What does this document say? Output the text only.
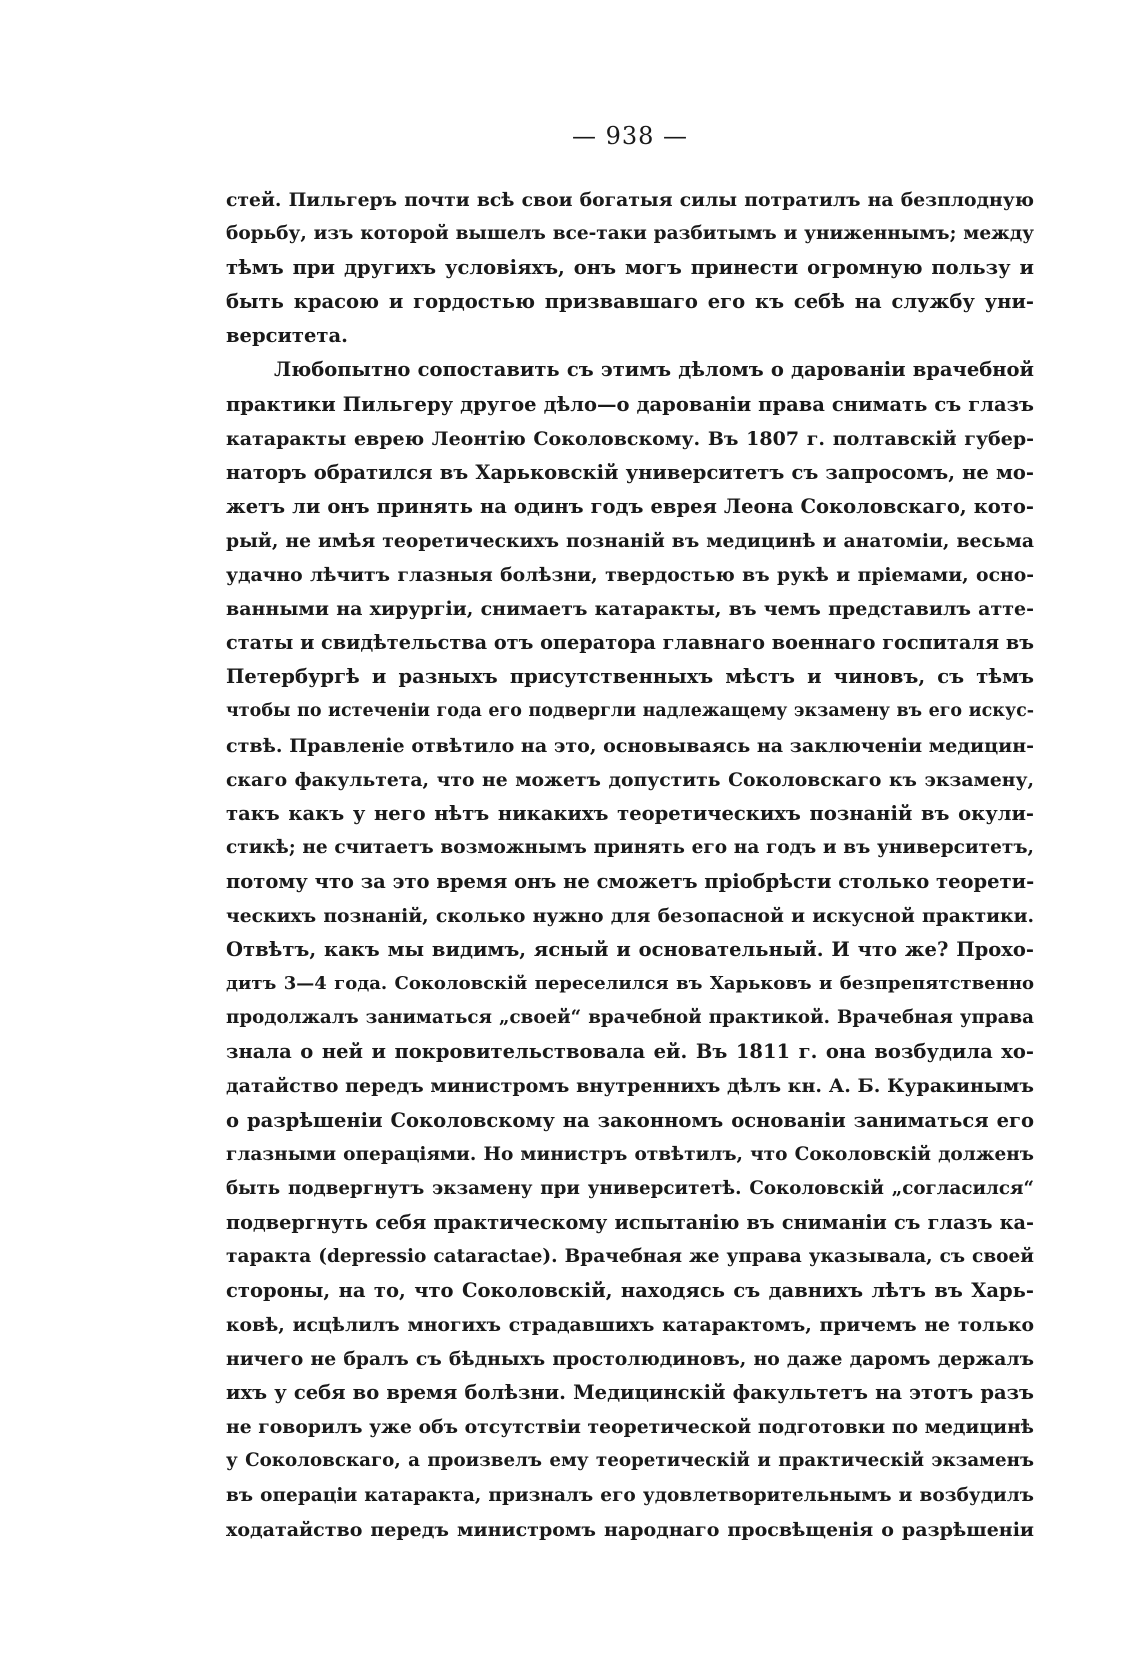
— 938 —
стей. Пильгеръ почти всѣ свои богатыя силы потратилъ на безплодную
борьбу, изъ которой вышелъ все-таки разбитымъ и униженнымъ; между
тѣмъ при другихъ условіяхъ, онъ могъ принести огромную пользу и
быть красою и гордостью призвавшаго его къ себѣ на службу уни-
верситета.
Любопытно сопоставить съ этимъ дѣломъ о дарованіи врачебной
практики Пильгеру другое дѣло—о дарованіи права снимать съ глазъ
катаракты еврею Леонтію Соколовскому. Въ 1807 г. полтавскій губер-
наторъ обратился въ Харьковскій университетъ съ запросомъ, не мо-
жетъ ли онъ принять на одинъ годъ еврея Леона Соколовскаго, кото-
рый, не имѣя теоретическихъ познаній въ медицинѣ и анатоміи, весьма
удачно лѣчитъ глазныя болѣзни, твердостью въ рукѣ и пріемами, осно-
ванными на хирургіи, снимаетъ катаракты, въ чемъ представилъ атте-
статы и свидѣтельства отъ оператора главнаго военнаго госпиталя въ
Петербургѣ и разныхъ присутственныхъ мѣстъ и чиновъ, съ тѣмъ
чтобы по истеченіи года его подвергли надлежащему экзамену въ его искус-
ствѣ. Правленіе отвѣтило на это, основываясь на заключеніи медицин-
скаго факультета, что не можетъ допустить Соколовскаго къ экзамену,
такъ какъ у него нѣтъ никакихъ теоретическихъ познаній въ окули-
стикѣ; не считаетъ возможнымъ принять его на годъ и въ университетъ,
потому что за это время онъ не сможетъ пріобрѣсти столько теорети-
ческихъ познаній, сколько нужно для безопасной и искусной практики.
Отвѣтъ, какъ мы видимъ, ясный и основательный. И что же? Прохо-
дитъ 3—4 года. Соколовскій переселился въ Харьковъ и безпрепятственно
продолжалъ заниматься „своей“ врачебной практикой. Врачебная управа
знала о ней и покровительствовала ей. Въ 1811 г. она возбудила хо-
датайство передъ министромъ внутреннихъ дѣлъ кн. А. Б. Куракинымъ
о разрѣшеніи Соколовскому на законномъ основаніи заниматься его
глазными операціями. Но министръ отвѣтилъ, что Соколовскій долженъ
быть подвергнутъ экзамену при университетѣ. Соколовскій „согласился“
подвергнуть себя практическому испытанію въ сниманіи съ глазъ ка-
таракта (depressio cataractae). Врачебная же управа указывала, съ своей
стороны, на то, что Соколовскій, находясь съ давнихъ лѣтъ въ Харь-
ковѣ, исцѣлилъ многихъ страдавшихъ катарактомъ, причемъ не только
ничего не бралъ съ бѣдныхъ простолюдиновъ, но даже даромъ держалъ
ихъ у себя во время болѣзни. Медицинскій факультетъ на этотъ разъ
не говорилъ уже объ отсутствіи теоретической подготовки по медицинѣ
у Соколовскаго, а произвелъ ему теоретическій и практическій экзаменъ
въ операціи катаракта, призналъ его удовлетворительнымъ и возбудилъ
ходатайство передъ министромъ народнаго просвѣщенія о разрѣшеніи
